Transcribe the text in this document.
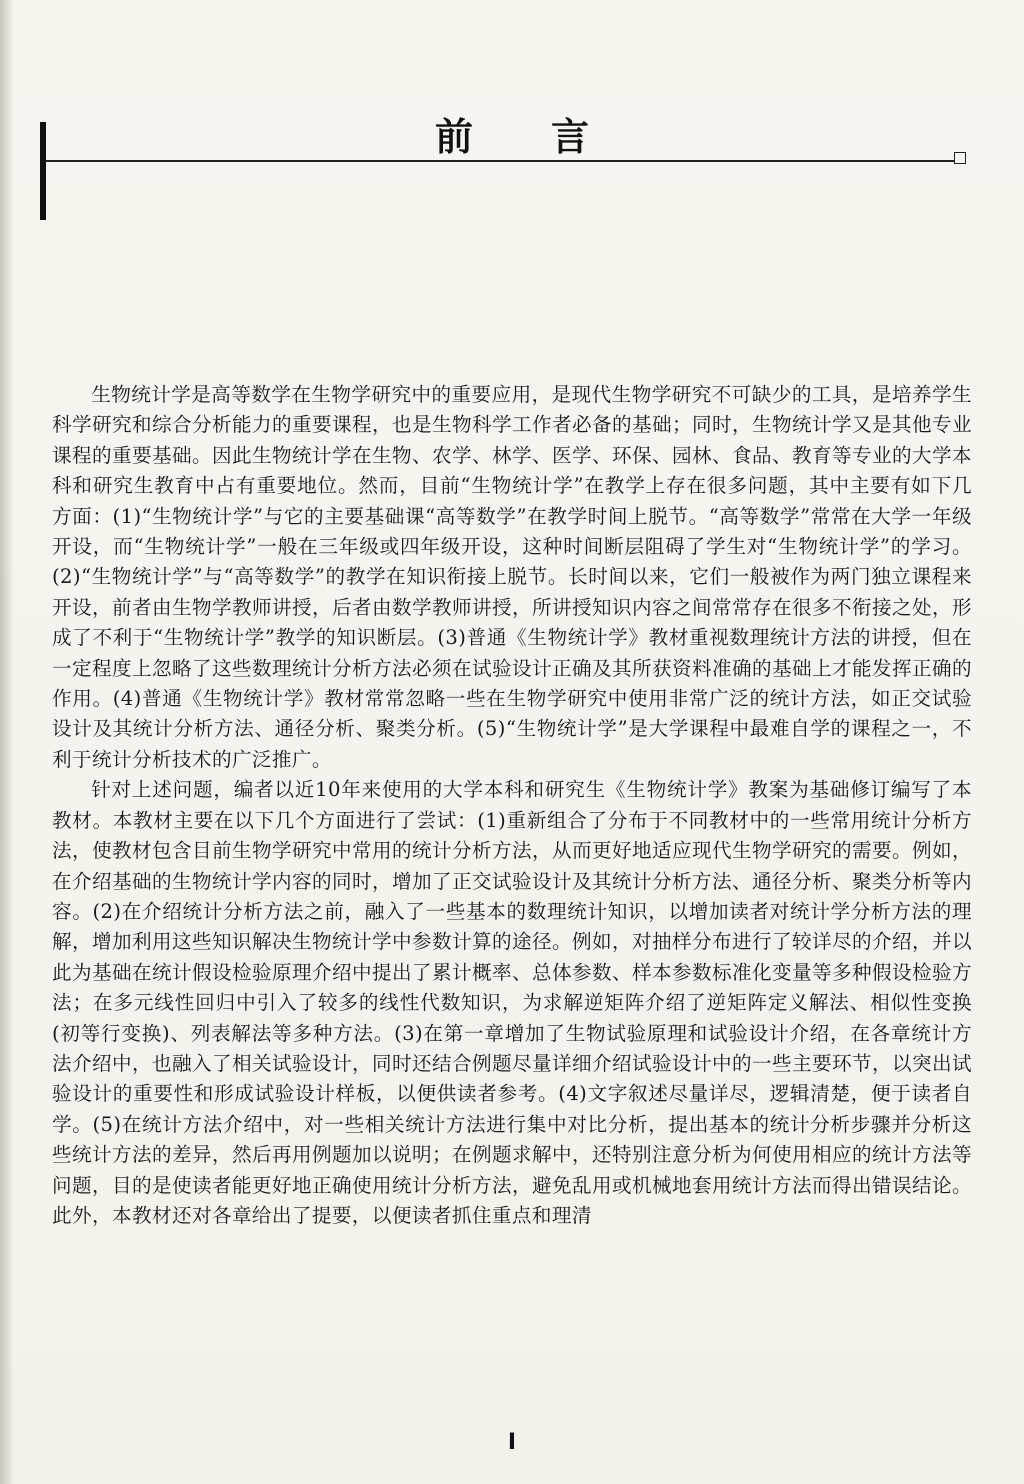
前言

生物统计学是高等数学在生物学研究中的重要应用，是现代生物学研究不可缺少的工具，是培养学生科学研究和综合分析能力的重要课程，也是生物科学工作者必备的基础；同时，生物统计学又是其他专业课程的重要基础。因此生物统计学在生物、农学、林学、医学、环保、园林、食品、教育等专业的大学本科和研究生教育中占有重要地位。然而，目前“生物统计学”在教学上存在很多问题，其中主要有如下几方面：(1)“生物统计学”与它的主要基础课“高等数学”在教学时间上脱节。“高等数学”常常在大学一年级开设，而“生物统计学”一般在三年级或四年级开设，这种时间断层阻碍了学生对“生物统计学”的学习。(2)“生物统计学”与“高等数学”的教学在知识衔接上脱节。长时间以来，它们一般被作为两门独立课程来开设，前者由生物学教师讲授，后者由数学教师讲授，所讲授知识内容之间常常存在很多不衔接之处，形成了不利于“生物统计学”教学的知识断层。(3)普通《生物统计学》教材重视数理统计方法的讲授，但在一定程度上忽略了这些数理统计分析方法必须在试验设计正确及其所获资料准确的基础上才能发挥正确的作用。(4)普通《生物统计学》教材常常忽略一些在生物学研究中使用非常广泛的统计方法，如正交试验设计及其统计分析方法、通径分析、聚类分析。(5)“生物统计学”是大学课程中最难自学的课程之一，不利于统计分析技术的广泛推广。

针对上述问题，编者以近10年来使用的大学本科和研究生《生物统计学》教案为基础修订编写了本教材。本教材主要在以下几个方面进行了尝试：(1)重新组合了分布于不同教材中的一些常用统计分析方法，使教材包含目前生物学研究中常用的统计分析方法，从而更好地适应现代生物学研究的需要。例如，在介绍基础的生物统计学内容的同时，增加了正交试验设计及其统计分析方法、通径分析、聚类分析等内容。(2)在介绍统计分析方法之前，融入了一些基本的数理统计知识，以增加读者对统计学分析方法的理解，增加利用这些知识解决生物统计学中参数计算的途径。例如，对抽样分布进行了较详尽的介绍，并以此为基础在统计假设检验原理介绍中提出了累计概率、总体参数、样本参数标准化变量等多种假设检验方法；在多元线性回归中引入了较多的线性代数知识，为求解逆矩阵介绍了逆矩阵定义解法、相似性变换(初等行变换)、列表解法等多种方法。(3)在第一章增加了生物试验原理和试验设计介绍，在各章统计方法介绍中，也融入了相关试验设计，同时还结合例题尽量详细介绍试验设计中的一些主要环节，以突出试验设计的重要性和形成试验设计样板，以便供读者参考。(4)文字叙述尽量详尽，逻辑清楚，便于读者自学。(5)在统计方法介绍中，对一些相关统计方法进行集中对比分析，提出基本的统计分析步骤并分析这些统计方法的差异，然后再用例题加以说明；在例题求解中，还特别注意分析为何使用相应的统计方法等问题，目的是使读者能更好地正确使用统计分析方法，避免乱用或机械地套用统计方法而得出错误结论。此外，本教材还对各章给出了提要，以便读者抓住重点和理清

I
